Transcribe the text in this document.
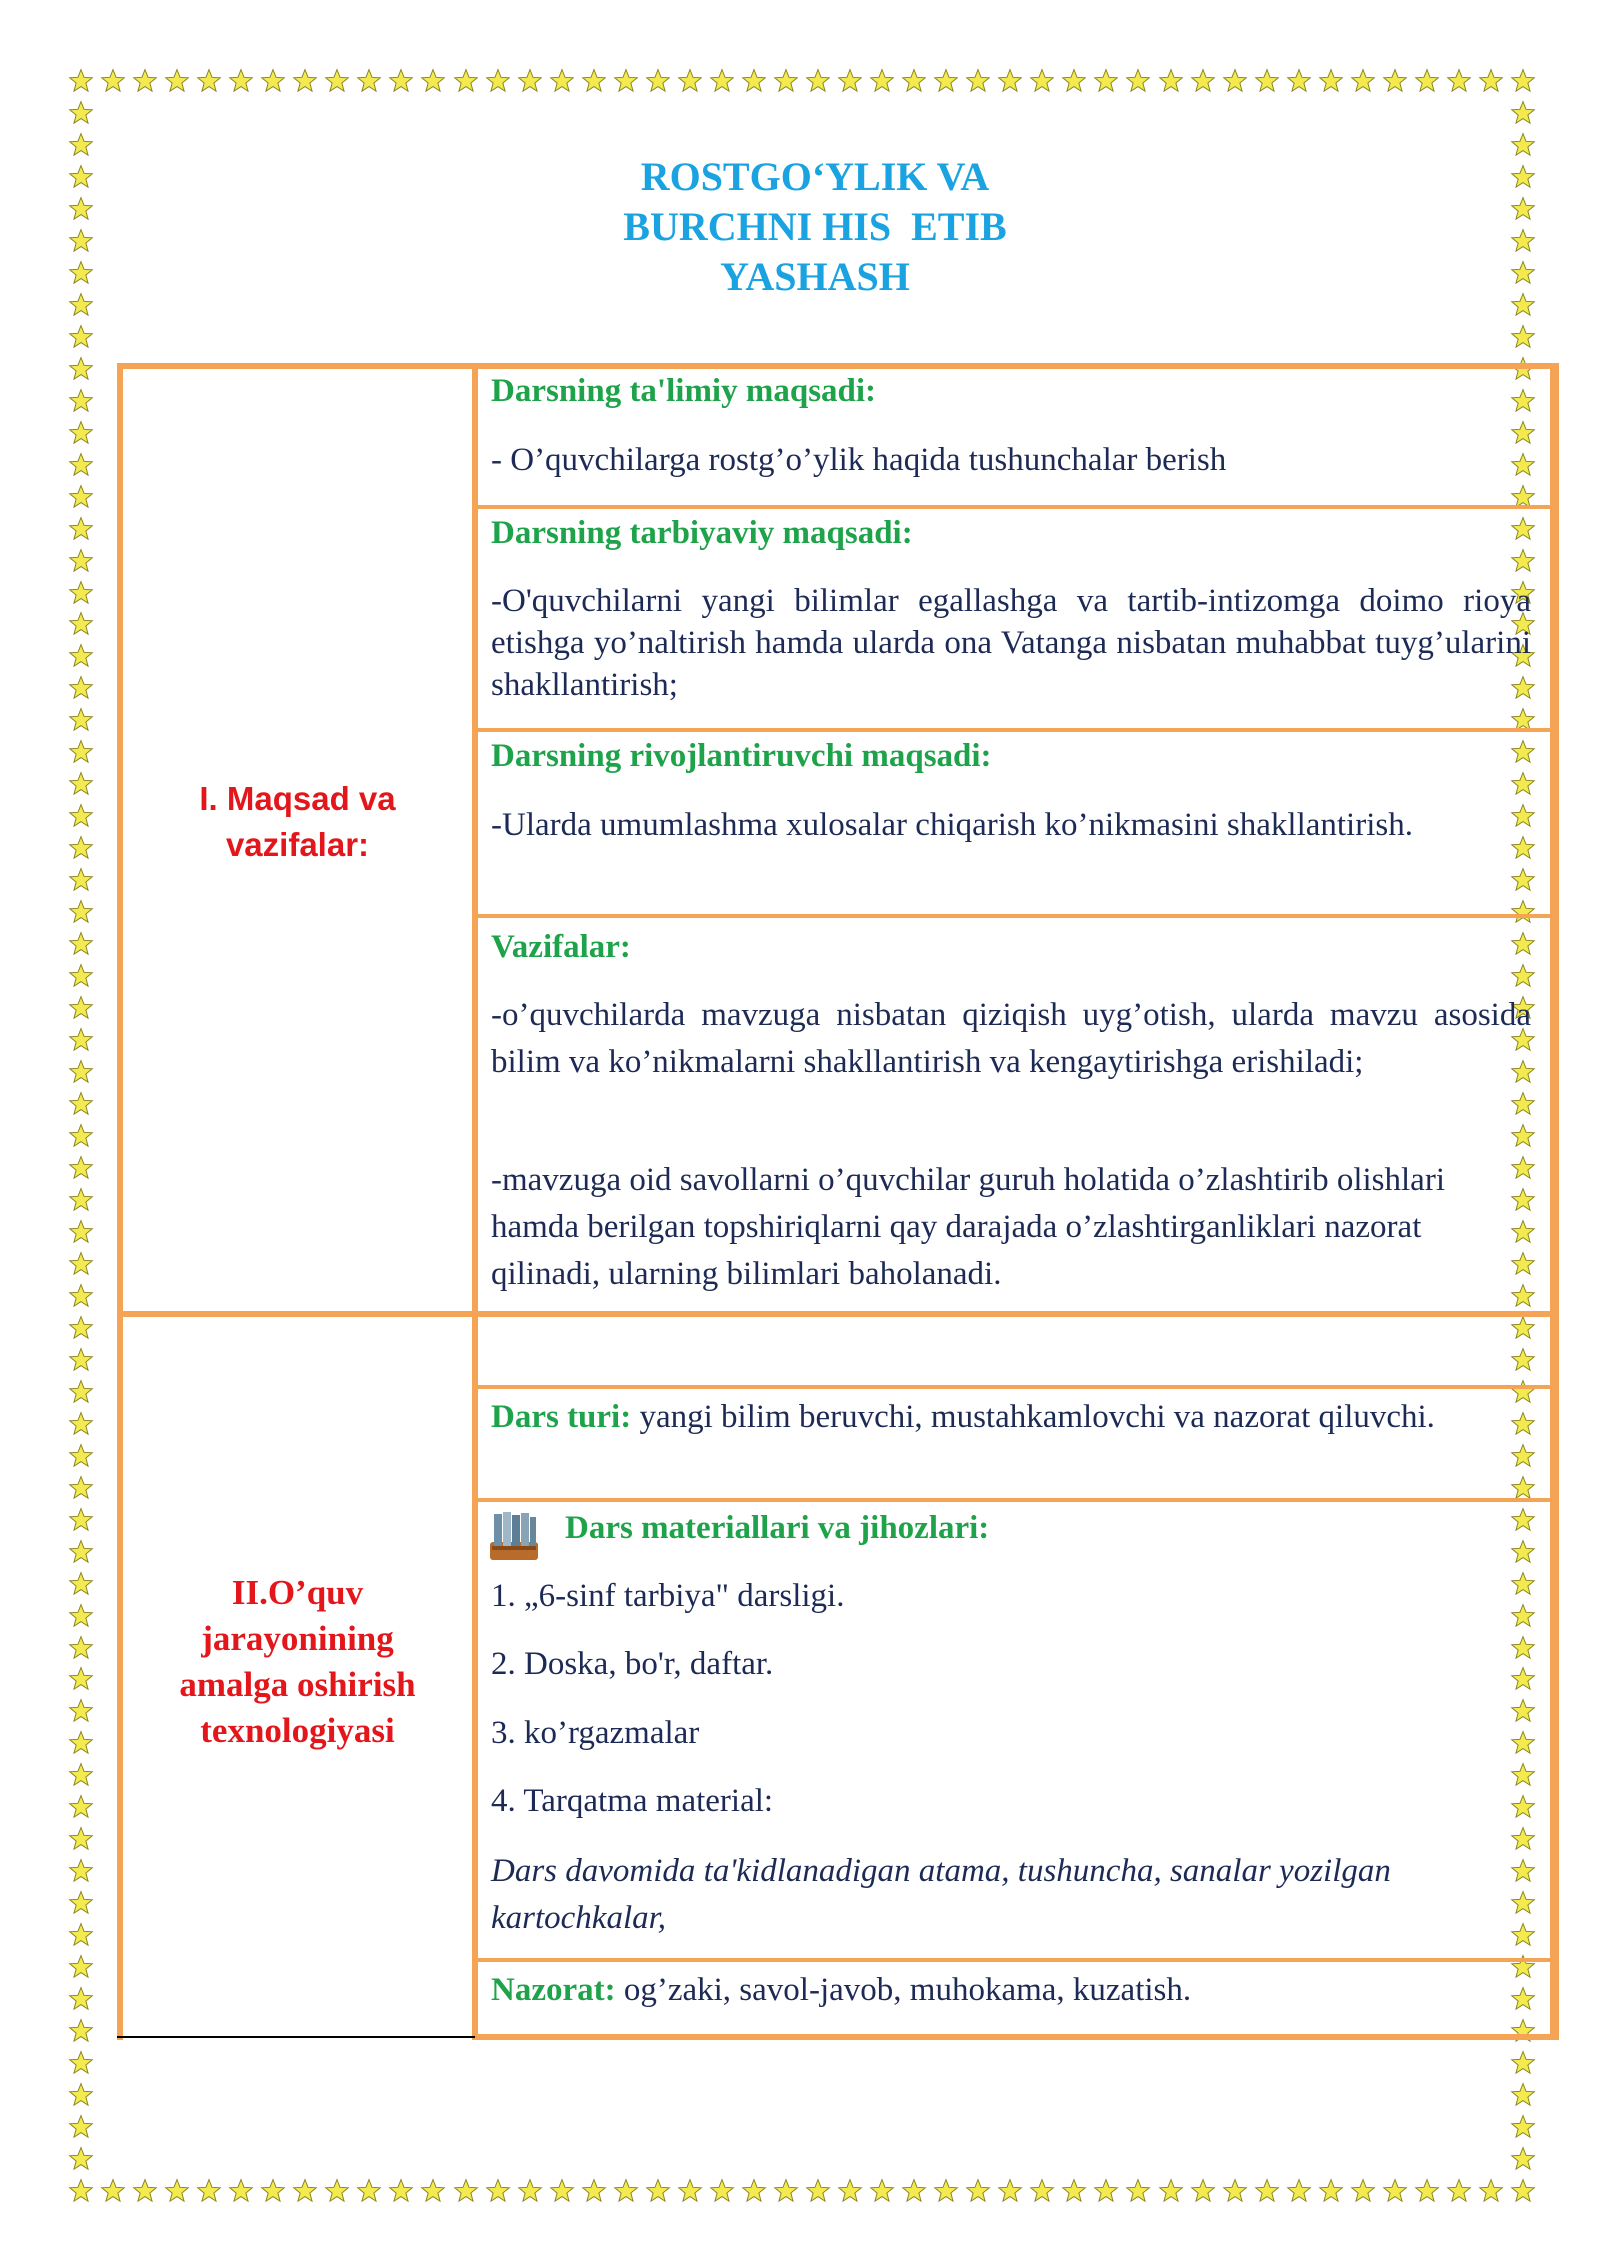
ROSTGO‘YLIK VA
BURCHNI HIS  ETIB
YASHASH
I. Maqsad va
vazifalar:
Darsning ta'limiy maqsadi:
- O’quvchilarga rostg’o’ylik haqida tushunchalar berish
Darsning tarbiyaviy maqsadi:
-O'quvchilarni yangi bilimlar egallashga va tartib-intizomga doimo rioya etishga yo’naltirish hamda ularda ona Vatanga nisbatan muhabbat tuyg’ularini shakllantirish;
Darsning rivojlantiruvchi maqsadi:
-Ularda umumlashma xulosalar chiqarish ko’nikmasini shakllantirish.
Vazifalar:
-o’quvchilarda mavzuga nisbatan qiziqish uyg’otish, ularda mavzu asosida bilim va ko’nikmalarni shakllantirish va kengaytirishga erishiladi;
-mavzuga oid savollarni o’quvchilar guruh holatida o’zlashtirib olishlari hamda berilgan topshiriqlarni qay darajada o’zlashtirganliklari nazorat qilinadi, ularning bilimlari baholanadi.
II.O’quv
jarayonining
amalga oshirish
texnologiyasi
Dars turi: yangi bilim beruvchi, mustahkamlovchi va nazorat qiluvchi.
Dars materiallari va jihozlari:
1. „6-sinf tarbiya" darsligi.
2. Doska, bo'r, daftar.
3. ko’rgazmalar
4. Tarqatma material:
Dars davomida ta'kidlanadigan atama, tushuncha, sanalar yozilgan kartochkalar,
Nazorat: og’zaki, savol-javob, muhokama, kuzatish.
